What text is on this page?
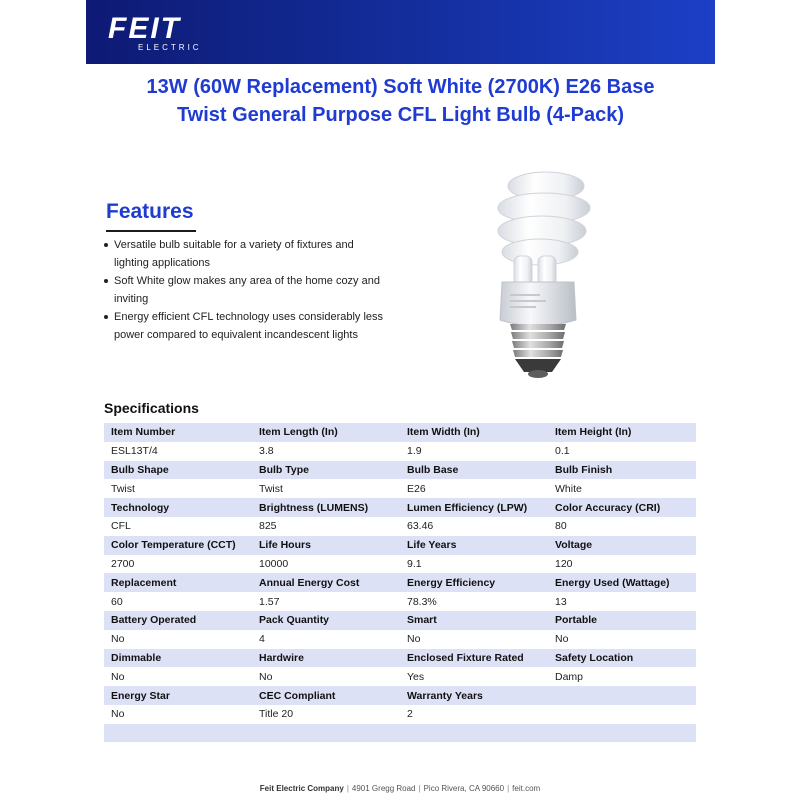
FEIT
ELECTRIC
13W (60W Replacement) Soft White (2700K) E26 Base
Twist General Purpose CFL Light Bulb (4-Pack)
Features
Versatile bulb suitable for a variety of fixtures and lighting applications
Soft White glow makes any area of the home cozy and inviting
Energy efficient CFL technology uses considerably less power compared to equivalent incandescent lights
Specifications
Item Number	Item Length (In)	Item Width (In)	Item Height (In)
ESL13T/4	3.8	1.9	0.1
Bulb Shape	Bulb Type	Bulb Base	Bulb Finish
Twist	Twist	E26	White
Technology	Brightness (LUMENS)	Lumen Efficiency (LPW)	Color Accuracy (CRI)
CFL	825	63.46	80
Color Temperature (CCT)	Life Hours	Life Years	Voltage
2700	10000	9.1	120
Replacement	Annual Energy Cost	Energy Efficiency	Energy Used (Wattage)
60	1.57	78.3%	13
Battery Operated	Pack Quantity	Smart	Portable
No	4	No	No
Dimmable	Hardwire	Enclosed Fixture Rated	Safety Location
No	No	Yes	Damp
Energy Star	CEC Compliant	Warranty Years	
No	Title 20	2	

Feit Electric Company | 4901 Gregg Road | Pico Rivera, CA 90660 | feit.com
